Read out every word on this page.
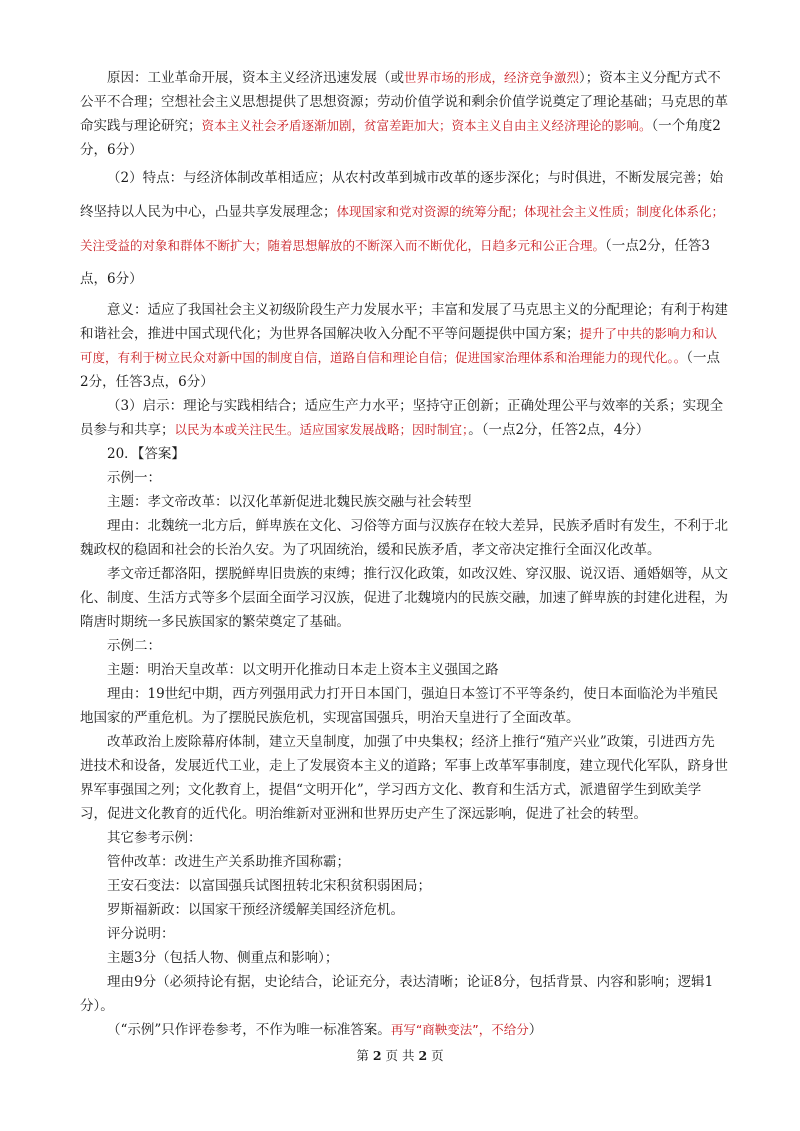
原因：工业革命开展，资本主义经济迅速发展（或世界市场的形成，经济竞争激烈）；资本主义分配方式不公平不合理；空想社会主义思想提供了思想资源；劳动价值学说和剩余价值学说奠定了理论基础；马克思的革命实践与理论研究；资本主义社会矛盾逐渐加剧，贫富差距加大；资本主义自由主义经济理论的影响。（一个角度2分，6分）

（2）特点：与经济体制改革相适应；从农村改革到城市改革的逐步深化；与时俱进，不断发展完善；始终坚持以人民为中心，凸显共享发展理念；体现国家和党对资源的统筹分配；体现社会主义性质；制度化体系化；关注受益的对象和群体不断扩大；随着思想解放的不断深入而不断优化，日趋多元和公正合理。（一点2分，任答3点，6分）

意义：适应了我国社会主义初级阶段生产力发展水平；丰富和发展了马克思主义的分配理论；有利于构建和谐社会，推进中国式现代化；为世界各国解决收入分配不平等问题提供中国方案；提升了中共的影响力和认可度，有利于树立民众对新中国的制度自信，道路自信和理论自信；促进国家治理体系和治理能力的现代化。。（一点2分，任答3点，6分）

（3）启示：理论与实践相结合；适应生产力水平；坚持守正创新；正确处理公平与效率的关系；实现全员参与和共享；以民为本或关注民生。适应国家发展战略；因时制宜；。（一点2分，任答2点，4分）

20．【答案】

示例一：

主题：孝文帝改革：以汉化革新促进北魏民族交融与社会转型

理由：北魏统一北方后，鲜卑族在文化、习俗等方面与汉族存在较大差异，民族矛盾时有发生，不利于北魏政权的稳固和社会的长治久安。为了巩固统治，缓和民族矛盾，孝文帝决定推行全面汉化改革。

孝文帝迁都洛阳，摆脱鲜卑旧贵族的束缚；推行汉化政策，如改汉姓、穿汉服、说汉语、通婚姻等，从文化、制度、生活方式等多个层面全面学习汉族，促进了北魏境内的民族交融，加速了鲜卑族的封建化进程，为隋唐时期统一多民族国家的繁荣奠定了基础。

示例二：

主题：明治天皇改革：以文明开化推动日本走上资本主义强国之路

理由：19世纪中期，西方列强用武力打开日本国门，强迫日本签订不平等条约，使日本面临沦为半殖民地国家的严重危机。为了摆脱民族危机，实现富国强兵，明治天皇进行了全面改革。

改革政治上废除幕府体制，建立天皇制度，加强了中央集权；经济上推行“殖产兴业”政策，引进西方先进技术和设备，发展近代工业，走上了发展资本主义的道路；军事上改革军事制度，建立现代化军队，跻身世界军事强国之列；文化教育上，提倡“文明开化”，学习西方文化、教育和生活方式，派遣留学生到欧美学习，促进文化教育的近代化。明治维新对亚洲和世界历史产生了深远影响，促进了社会的转型。

其它参考示例：

管仲改革：改进生产关系助推齐国称霸；

王安石变法：以富国强兵试图扭转北宋积贫积弱困局；

罗斯福新政：以国家干预经济缓解美国经济危机。

评分说明：

主题3分（包括人物、侧重点和影响）；

理由9分（必须持论有据，史论结合，论证充分，表达清晰；论证8分，包括背景、内容和影响；逻辑1分）。

（“示例”只作评卷参考，不作为唯一标准答案。再写“商鞅变法”，不给分）

第 2 页 共 2 页
